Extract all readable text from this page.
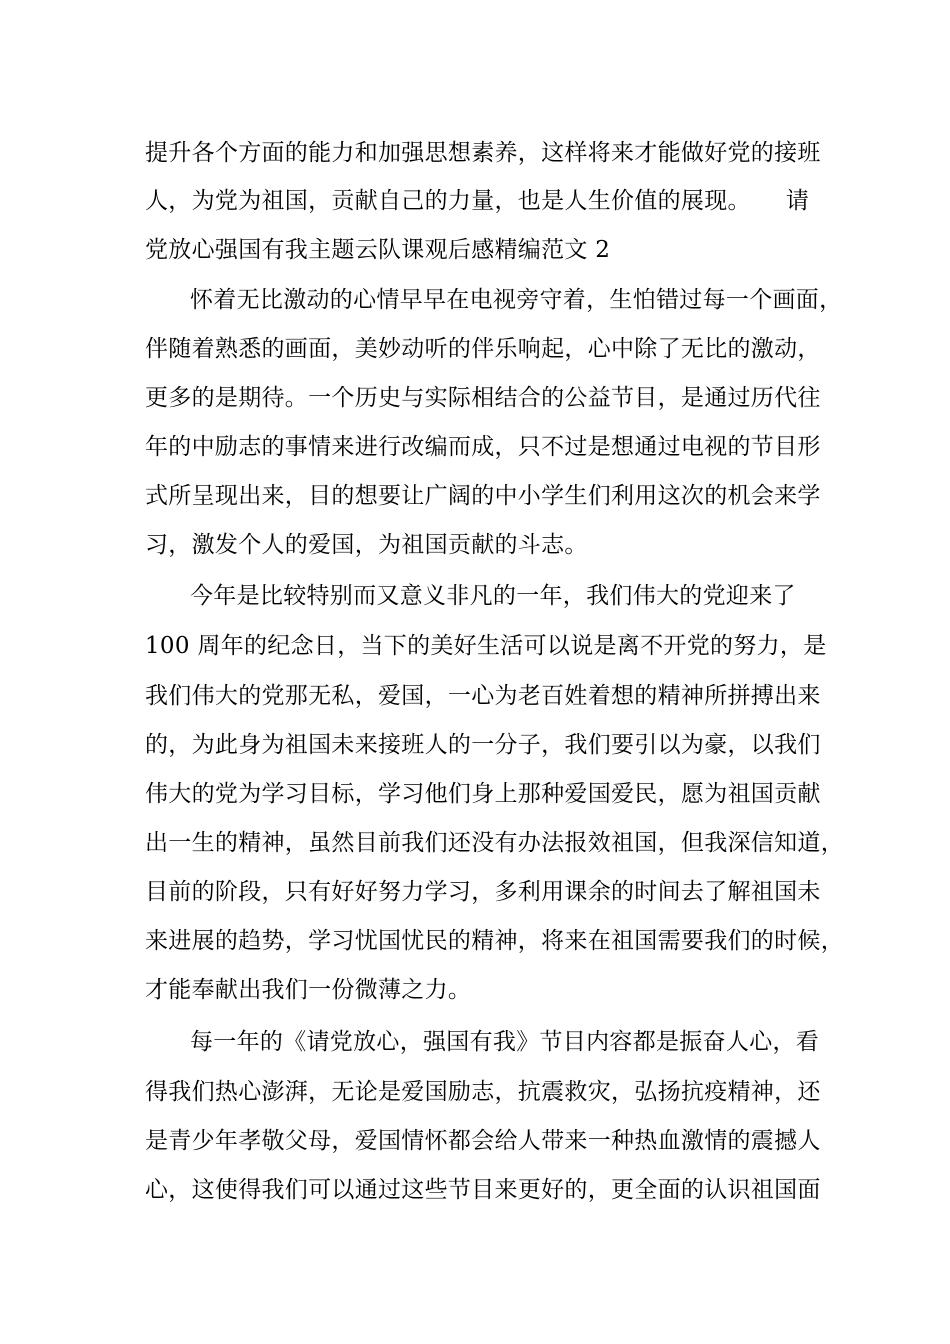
提升各个方面的能力和加强思想素养，这样将来才能做好党的接班
人，为党为祖国，贡献自己的力量，也是人生价值的展现。　　请
党放心强国有我主题云队课观后感精编范文 2
怀着无比激动的心情早早在电视旁守着，生怕错过每一个画面，
伴随着熟悉的画面，美妙动听的伴乐响起，心中除了无比的激动，
更多的是期待。一个历史与实际相结合的公益节目，是通过历代往
年的中励志的事情来进行改编而成，只不过是想通过电视的节目形
式所呈现出来，目的想要让广阔的中小学生们利用这次的机会来学
习，激发个人的爱国，为祖国贡献的斗志。
今年是比较特别而又意义非凡的一年，我们伟大的党迎来了
100 周年的纪念日，当下的美好生活可以说是离不开党的努力，是
我们伟大的党那无私，爱国，一心为老百姓着想的精神所拼搏出来
的，为此身为祖国未来接班人的一分子，我们要引以为豪，以我们
伟大的党为学习目标，学习他们身上那种爱国爱民，愿为祖国贡献
出一生的精神，虽然目前我们还没有办法报效祖国，但我深信知道，
目前的阶段，只有好好努力学习，多利用课余的时间去了解祖国未
来进展的趋势，学习忧国忧民的精神，将来在祖国需要我们的时候，
才能奉献出我们一份微薄之力。
每一年的《请党放心，强国有我》节目内容都是振奋人心，看
得我们热心澎湃，无论是爱国励志，抗震救灾，弘扬抗疫精神，还
是青少年孝敬父母，爱国情怀都会给人带来一种热血激情的震撼人
心，这使得我们可以通过这些节目来更好的，更全面的认识祖国面
